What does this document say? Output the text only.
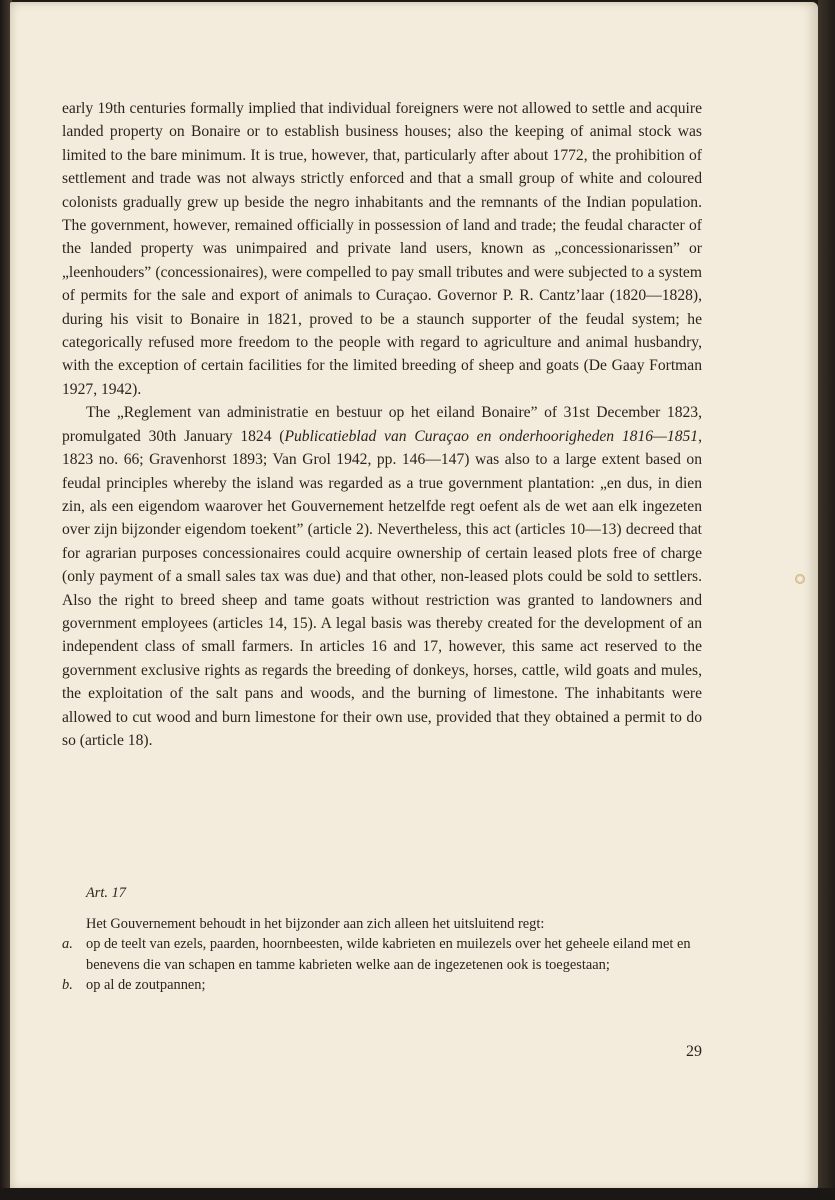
early 19th centuries formally implied that individual foreigners were not allowed to settle and acquire landed property on Bonaire or to establish business houses; also the keeping of animal stock was limited to the bare minimum. It is true, however, that, particularly after about 1772, the prohibition of settlement and trade was not always strictly enforced and that a small group of white and coloured colonists gradually grew up beside the negro inhabitants and the remnants of the Indian population. The government, however, remained officially in possession of land and trade; the feudal character of the landed property was unimpaired and private land users, known as „concessionarissen” or „leenhouders” (concessionaires), were compelled to pay small tributes and were subjected to a system of permits for the sale and export of animals to Curaçao. Governor P. R. Cantz’laar (1820—1828), during his visit to Bonaire in 1821, proved to be a staunch supporter of the feudal system; he categorically refused more freedom to the people with regard to agriculture and animal husbandry, with the exception of certain facilities for the limited breeding of sheep and goats (De Gaay Fortman 1927, 1942).

The „Reglement van administratie en bestuur op het eiland Bonaire” of 31st December 1823, promulgated 30th January 1824 (Publicatieblad van Curaçao en onderhoorigheden 1816—1851, 1823 no. 66; Gravenhorst 1893; Van Grol 1942, pp. 146—147) was also to a large extent based on feudal principles whereby the island was regarded as a true government plantation: „en dus, in dien zin, als een eigendom waarover het Gouvernement hetzelfde regt oefent als de wet aan elk ingezeten over zijn bijzonder eigendom toekent” (article 2). Nevertheless, this act (articles 10—13) decreed that for agrarian purposes concessionaires could acquire ownership of certain leased plots free of charge (only payment of a small sales tax was due) and that other, non-leased plots could be sold to settlers. Also the right to breed sheep and tame goats without restriction was granted to landowners and government employees (articles 14, 15). A legal basis was thereby created for the development of an independent class of small farmers. In articles 16 and 17, however, this same act reserved to the government exclusive rights as regards the breeding of donkeys, horses, cattle, wild goats and mules, the exploitation of the salt pans and woods, and the burning of limestone. The inhabitants were allowed to cut wood and burn limestone for their own use, provided that they obtained a permit to do so (article 18).

Art. 17

Het Gouvernement behoudt in het bijzonder aan zich alleen het uitsluitend regt:

a. op de teelt van ezels, paarden, hoornbeesten, wilde kabrieten en muilezels over het geheele eiland met en benevens die van schapen en tamme kabrieten welke aan de ingezetenen ook is toegestaan;
b. op al de zoutpannen;
29
